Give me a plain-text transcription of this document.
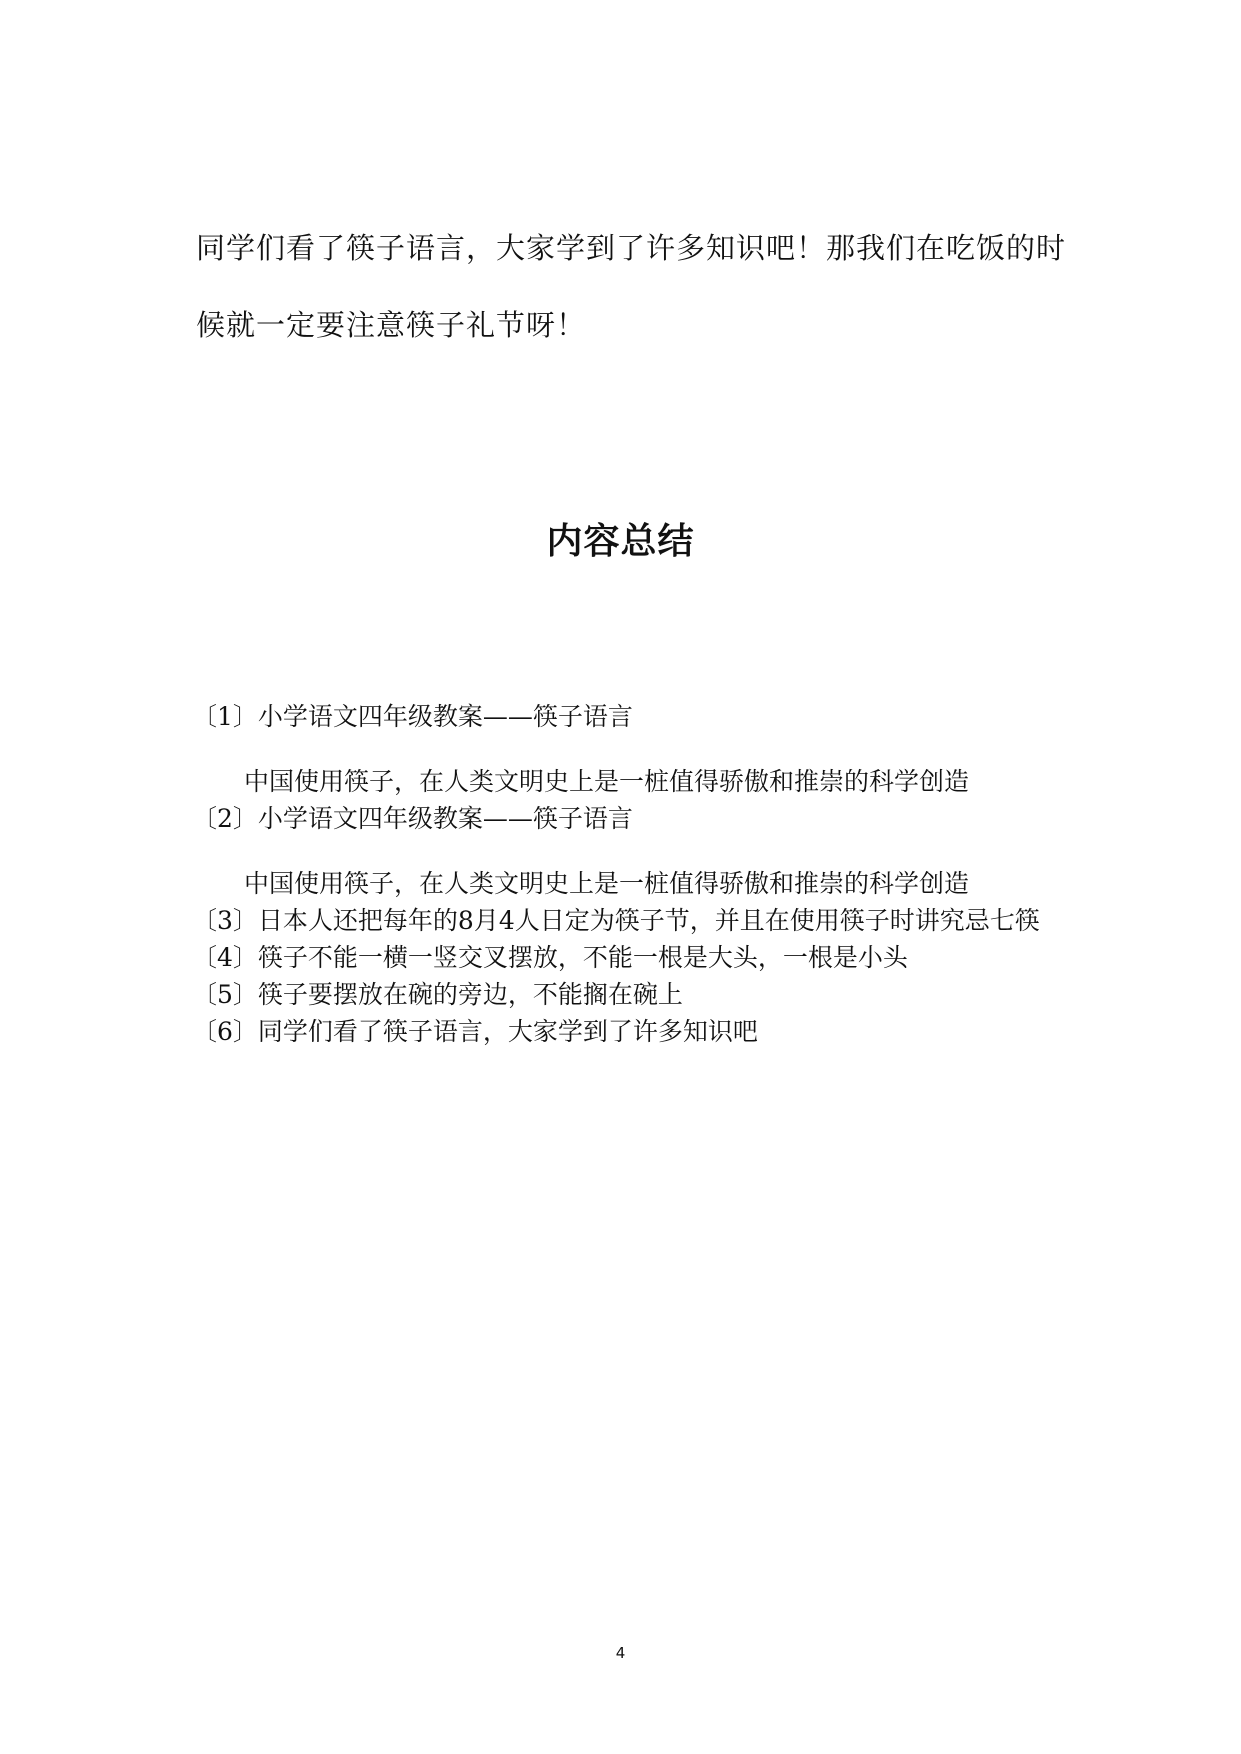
同学们看了筷子语言，大家学到了许多知识吧！那我们在吃饭的时
候就一定要注意筷子礼节呀！
内容总结

〔1〕小学语文四年级教案——筷子语言

中国使用筷子，在人类文明史上是一桩值得骄傲和推崇的科学创造

〔2〕小学语文四年级教案——筷子语言

中国使用筷子，在人类文明史上是一桩值得骄傲和推崇的科学创造

〔3〕日本人还把每年的8月4人日定为筷子节，并且在使用筷子时讲究忌七筷

〔4〕筷子不能一横一竖交叉摆放，不能一根是大头，一根是小头

〔5〕筷子要摆放在碗的旁边，不能搁在碗上

〔6〕同学们看了筷子语言，大家学到了许多知识吧

4
